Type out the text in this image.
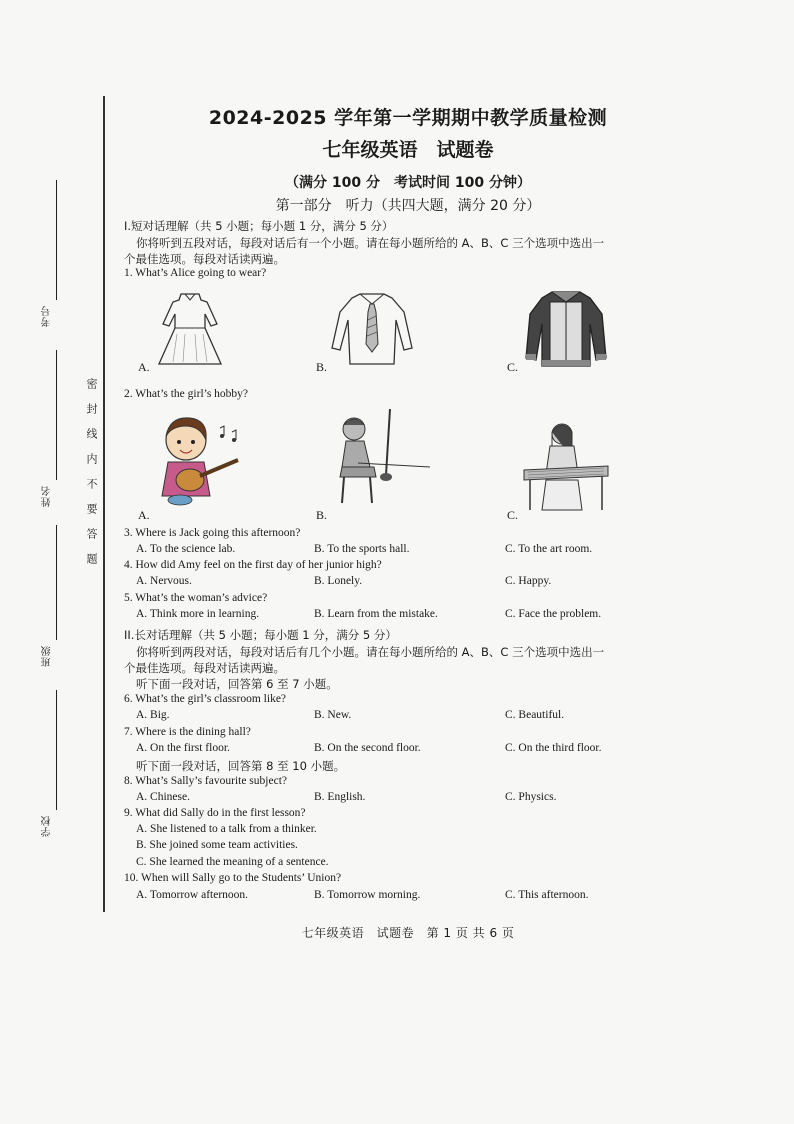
考号
姓名
班级
学校
密封线内不要答题
2024-2025 学年第一学期期中教学质量检测
七年级英语　试题卷
（满分 100 分　考试时间 100 分钟）
第一部分　听力（共四大题，满分 20 分）
I.短对话理解（共 5 小题；每小题 1 分，满分 5 分）
你将听到五段对话，每段对话后有一个小题。请在每小题所给的 A、B、C 三个选项中选出一
个最佳选项。每段对话读两遍。
1. What’s Alice going to wear?
A.	B.	C.
2. What’s the girl’s hobby?
A.	B.	C.
3. Where is Jack going this afternoon?
A. To the science lab.	B. To the sports hall.	C. To the art room.
4. How did Amy feel on the first day of her junior high?
A. Nervous.	B. Lonely.	C. Happy.
5. What’s the woman’s advice?
A. Think more in learning.	B. Learn from the mistake.	C. Face the problem.
II.长对话理解（共 5 小题；每小题 1 分，满分 5 分）
你将听到两段对话，每段对话后有几个小题。请在每小题所给的 A、B、C 三个选项中选出一
个最佳选项。每段对话读两遍。
听下面一段对话，回答第 6 至 7 小题。
6. What’s the girl’s classroom like?
A. Big.	B. New.	C. Beautiful.
7. Where is the dining hall?
A. On the first floor.	B. On the second floor.	C. On the third floor.
听下面一段对话，回答第 8 至 10 小题。
8. What’s Sally’s favourite subject?
A. Chinese.	B. English.	C. Physics.
9. What did Sally do in the first lesson?
A. She listened to a talk from a thinker.
B. She joined some team activities.
C. She learned the meaning of a sentence.
10. When will Sally go to the Students’ Union?
A. Tomorrow afternoon.	B. Tomorrow morning.	C. This afternoon.
七年级英语　试题卷　第 1 页 共 6 页
